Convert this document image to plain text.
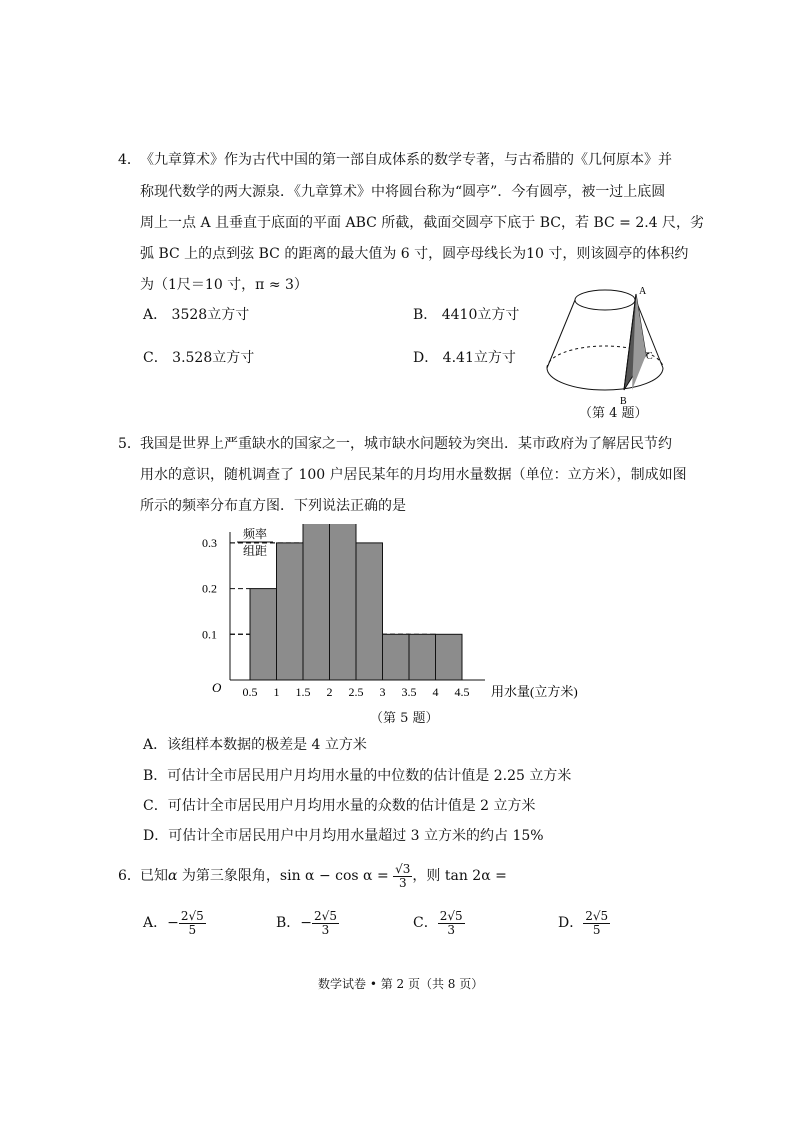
4． 《九章算术》作为古代中国的第一部自成体系的数学专著，与古希腊的《几何原本》并
称现代数学的两大源泉．《九章算术》中将圆台称为“圆亭”．今有圆亭，被一过上底圆
周上一点 A 且垂直于底面的平面 ABC 所截，截面交圆亭下底于 BC，若 BC = 2.4 尺，劣
弧 BC 上的点到弦 BC 的距离的最大值为 6 寸，圆亭母线长为10 寸，则该圆亭的体积约
为（1尺＝10 寸，π ≈ 3）
A． 3528立方寸	B． 4410立方寸
C． 3.528立方寸	D． 4.41立方寸
A
B
C
（第 4 题）
5． 我国是世界上严重缺水的国家之一，城市缺水问题较为突出．某市政府为了解居民节约
用水的意识，随机调查了 100 户居民某年的月均用水量数据（单位：立方米），制成如图
所示的频率分布直方图．下列说法正确的是
0.1
0.2
0.3
0.5 1 1.5 2 2.5 3 3.5 4 4.5
O
频率
组距
用水量(立方米)
（第 5 题）
A．该组样本数据的极差是 4 立方米
B．可估计全市居民用户月均用水量的中位数的估计值是 2.25 立方米
C．可估计全市居民用户月均用水量的众数的估计值是 2 立方米
D．可估计全市居民用户中月均用水量超过 3 立方米的约占 15%
6． 已知α 为第三象限角，$\sin \alpha - \cos \alpha = \frac{√3}{3}$ ，则 tan 2α =
A．− $\frac{2√5}{5}$	B．− $\frac{2√5}{3}$	C． $\frac{2√5}{3}$	D． $\frac{2√5}{5}$
数学试卷 • 第 2 页（共 8 页）
